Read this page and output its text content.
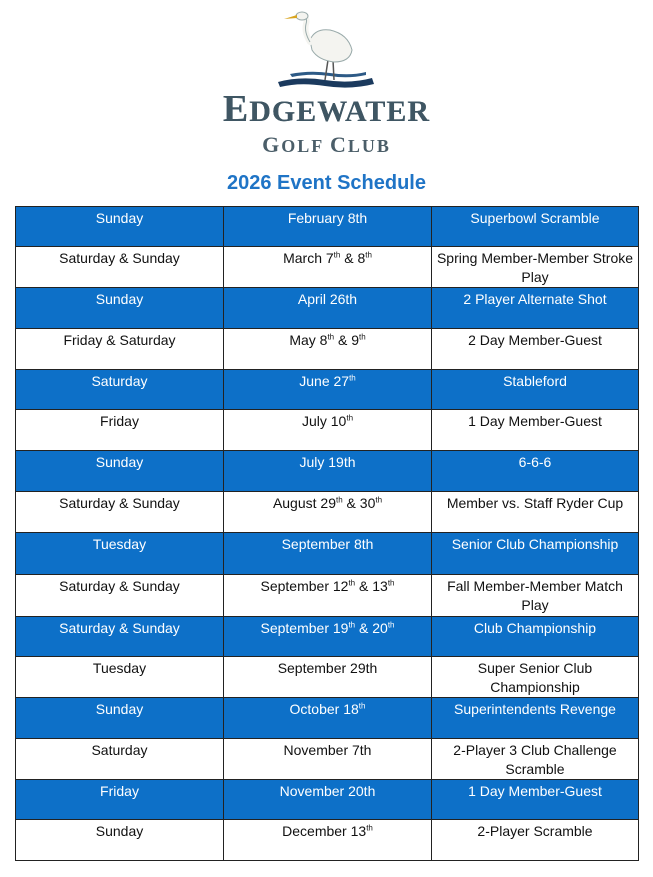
EDGEWATER
GOLF CLUB
2026 Event Schedule
Sunday	February 8th	Superbowl Scramble
Saturday & Sunday	March 7th & 8th	Spring Member-Member Stroke Play
Sunday	April 26th	2 Player Alternate Shot
Friday & Saturday	May 8th & 9th	2 Day Member-Guest
Saturday	June 27th	Stableford
Friday	July 10th	1 Day Member-Guest
Sunday	July 19th	6-6-6
Saturday & Sunday	August 29th & 30th	Member vs. Staff Ryder Cup
Tuesday	September 8th	Senior Club Championship
Saturday & Sunday	September 12th & 13th	Fall Member-Member Match Play
Saturday & Sunday	September 19th & 20th	Club Championship
Tuesday	September 29th	Super Senior Club Championship
Sunday	October 18th	Superintendents Revenge
Saturday	November 7th	2-Player 3 Club Challenge Scramble
Friday	November 20th	1 Day Member-Guest
Sunday	December 13th	2-Player Scramble
